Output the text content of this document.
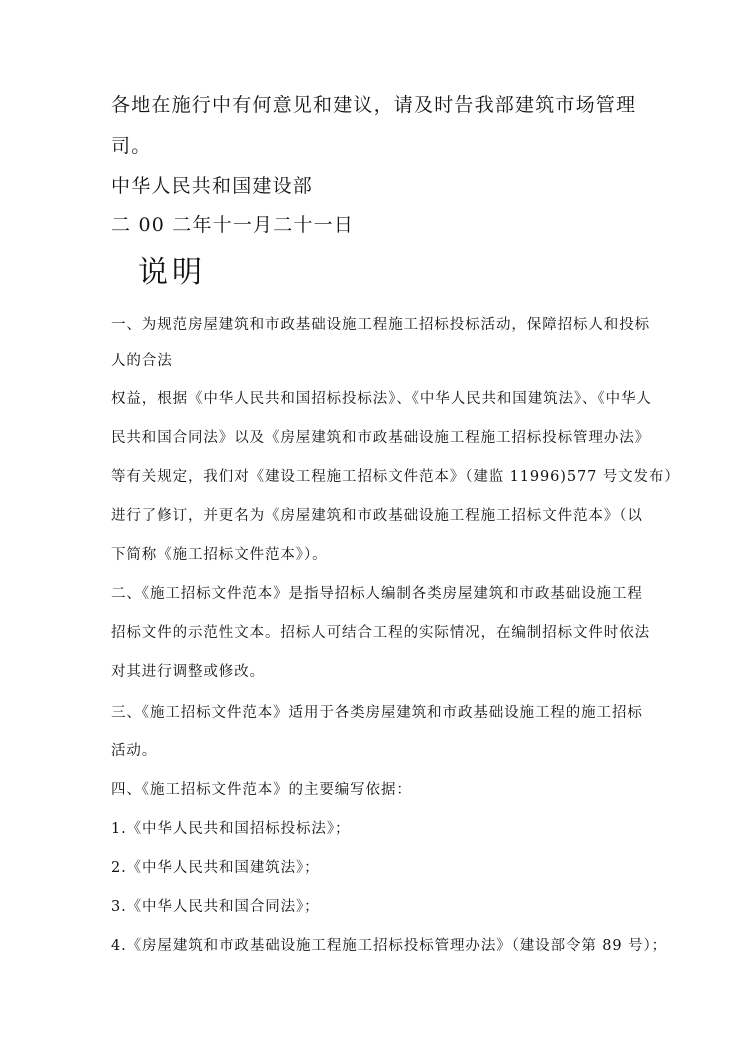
各地在施行中有何意见和建议，请及时告我部建筑市场管理
司。
中华人民共和国建设部
二 00 二年十一月二十一日
说明
一、为规范房屋建筑和市政基础设施工程施工招标投标活动，保障招标人和投标
人的合法
权益，根据《中华人民共和国招标投标法》、《中华人民共和国建筑法》、《中华人
民共和国合同法》以及《房屋建筑和市政基础设施工程施工招标投标管理办法》
等有关规定，我们对《建设工程施工招标文件范本》（建监 11996)577 号文发布）
进行了修订，并更名为《房屋建筑和市政基础设施工程施工招标文件范本》（以
下简称《施工招标文件范本》）。
二、《施工招标文件范本》是指导招标人编制各类房屋建筑和市政基础设施工程
招标文件的示范性文本。招标人可结合工程的实际情况，在编制招标文件时依法
对其进行调整或修改。
三、《施工招标文件范本》适用于各类房屋建筑和市政基础设施工程的施工招标
活动。
四、《施工招标文件范本》的主要编写依据：
1.《中华人民共和国招标投标法》；
2.《中华人民共和国建筑法》；
3.《中华人民共和国合同法》；
4.《房屋建筑和市政基础设施工程施工招标投标管理办法》（建设部令第 89 号）；
